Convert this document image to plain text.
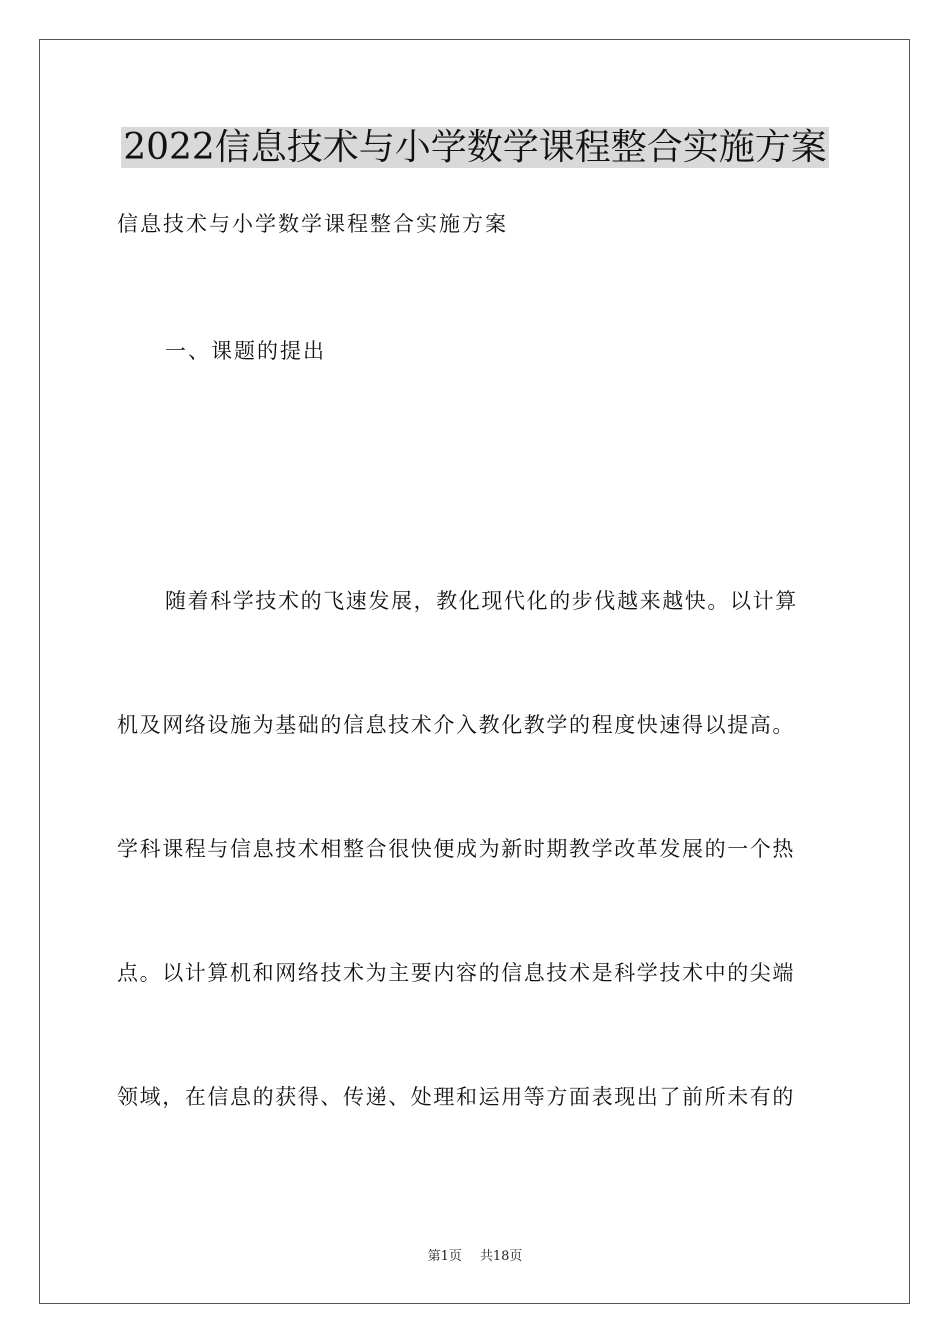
2022信息技术与小学数学课程整合实施方案
信息技术与小学数学课程整合实施方案
一、课题的提出
随着科学技术的飞速发展，教化现代化的步伐越来越快。以计算
机及网络设施为基础的信息技术介入教化教学的程度快速得以提高。
学科课程与信息技术相整合很快便成为新时期教学改革发展的一个热
点。以计算机和网络技术为主要内容的信息技术是科学技术中的尖端
领域，在信息的获得、传递、处理和运用等方面表现出了前所未有的
第1页 共18页
